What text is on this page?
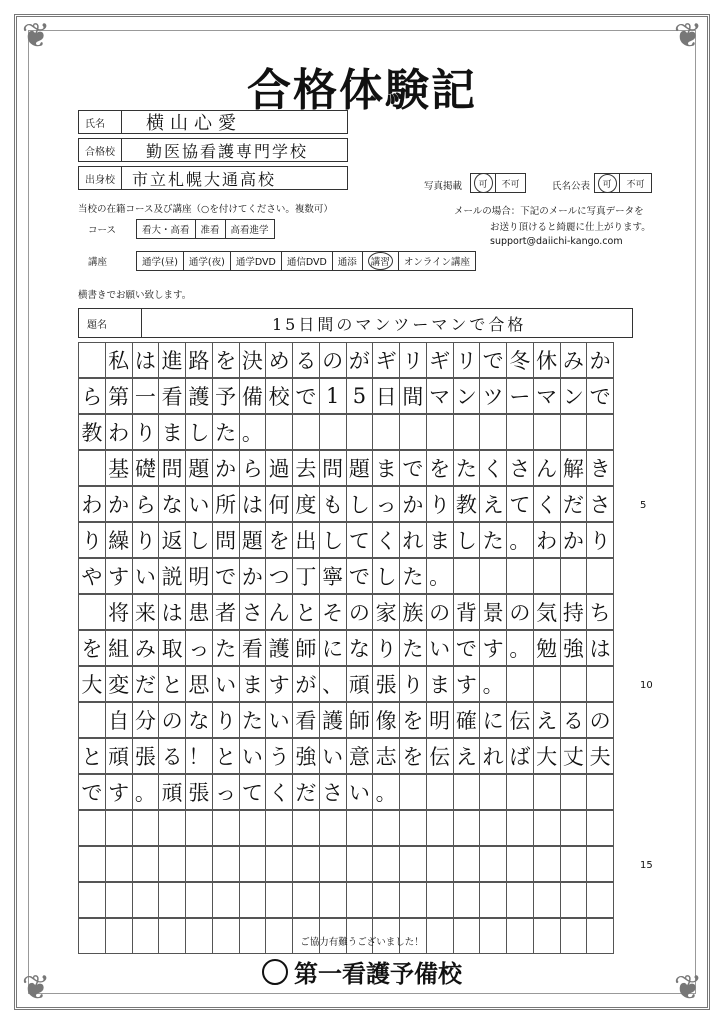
❦	❦
❦	❦
合格体験記
氏名	横山心愛
合格校	勤医協看護専門学校
出身校	市立札幌大通高校	写真掲載	可	不可	氏名公表	可	不可
当校の在籍コース及び講座（○を付けてください。複数可）	メールの場合：下記のメールに写真データを
お送り頂けると綺麗に仕上がります。
support@daiichi-kango.com
コース	看大・高看	准看	高看進学
講座	通学(昼)	通学(夜)	通学DVD	通信DVD	通添	講習	オンライン講座
横書きでお願い致します。
題名	15日間のマンツーマンで合格

私 は 進 路 を 決 め る の が ギ リ ギ リ で 冬 休 み か
ら 第 一 看 護 予 備 校 で 1 5 日 間 マ ン ツ ー マ ン で
教 わ り ま し た 。

基 礎 問 題 か ら 過 去 問 題 ま で を た く さ ん 解 き
わ か ら な い 所 は 何 度 も し っ か り 教 え て く だ さ
り 繰 り 返 し 問 題 を 出 し て く れ ま し た 。 わ か り
や す い 説 明 で か つ 丁 寧 で し た 。

将 来 は 患 者 さ ん と そ の 家 族 の 背 景 の 気 持 ち
を 組 み 取 っ た 看 護 師 に な り た い で す 。 勉 強 は
大 変 だ と 思 い ま す が 、 頑 張 り ま す 。

自 分 の な り た い 看 護 師 像 を 明 確 に 伝 え る の
と 頑 張 る ！ と い う 強 い 意 志 を 伝 え れ ば 大 丈 夫
で す 。 頑 張 っ て く だ さ い 。
5
10
15
ご協力有難うございました！
第一看護予備校
